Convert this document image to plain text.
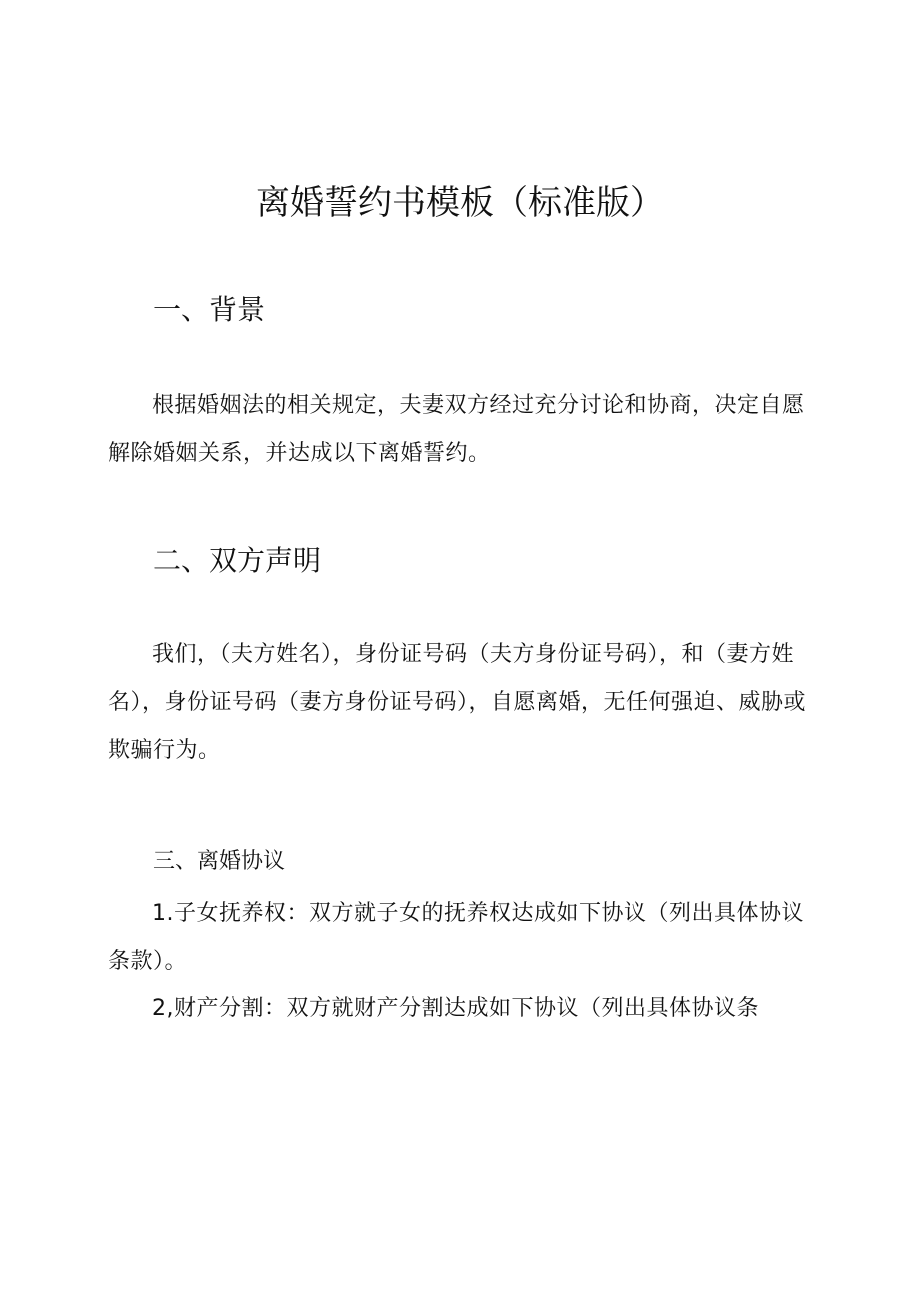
离婚誓约书模板（标准版）
一、背景
根据婚姻法的相关规定，夫妻双方经过充分讨论和协商，决定自愿解除婚姻关系，并达成以下离婚誓约。
二、双方声明
我们，（夫方姓名），身份证号码（夫方身份证号码），和（妻方姓名），身份证号码（妻方身份证号码），自愿离婚，无任何强迫、威胁或欺骗行为。
三、离婚协议
1.子女抚养权：双方就子女的抚养权达成如下协议（列出具体协议条款）。
2,财产分割：双方就财产分割达成如下协议（列出具体协议条
